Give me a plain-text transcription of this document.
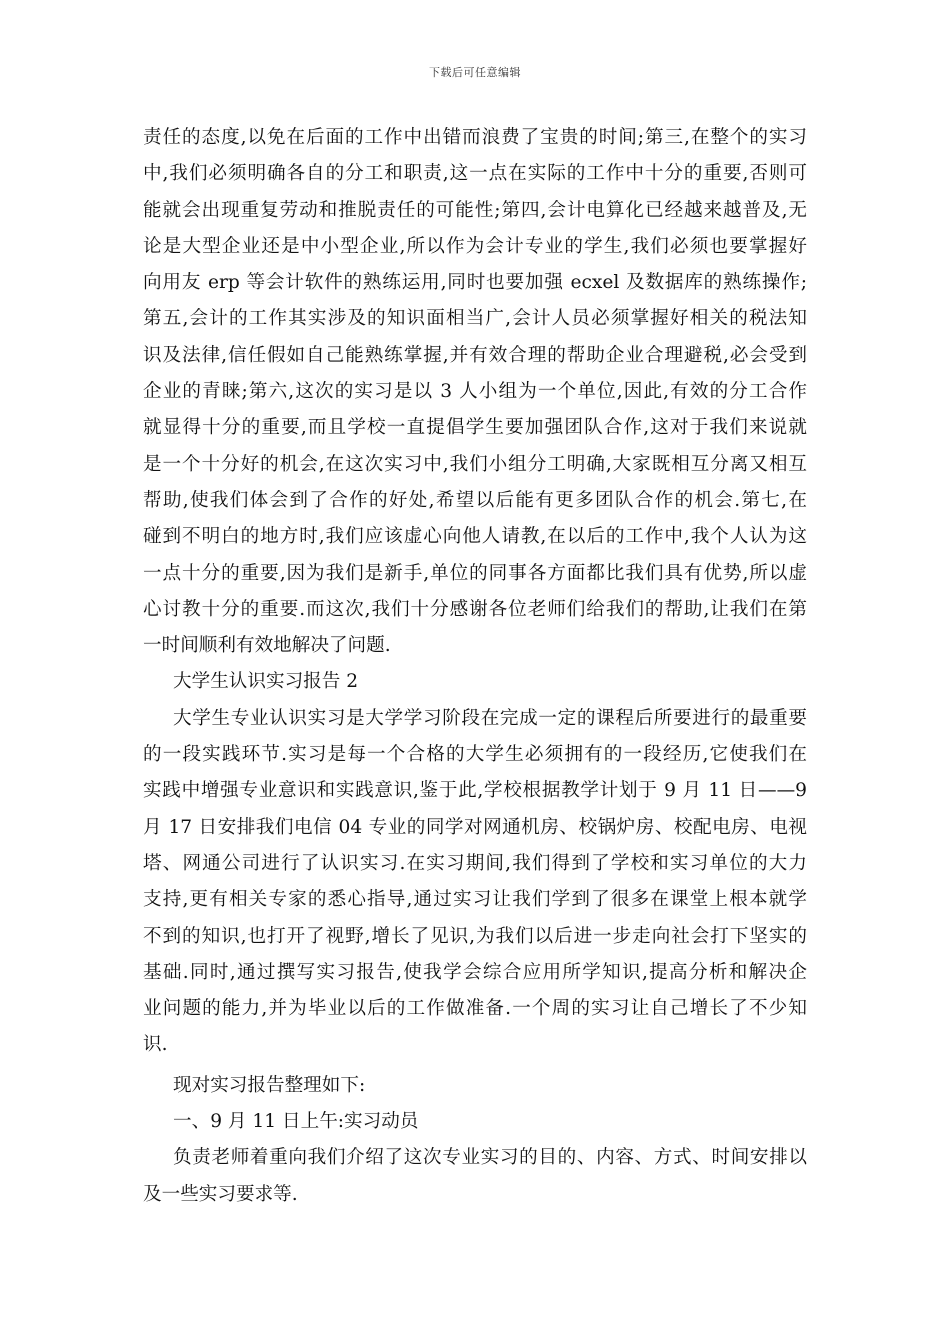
下载后可任意编辑
责任的态度,以免在后面的工作中出错而浪费了宝贵的时间;第三,在整个的实习
中,我们必须明确各自的分工和职责,这一点在实际的工作中十分的重要,否则可
能就会出现重复劳动和推脱责任的可能性;第四,会计电算化已经越来越普及,无
论是大型企业还是中小型企业,所以作为会计专业的学生,我们必须也要掌握好
向用友 erp 等会计软件的熟练运用,同时也要加强 ecxel 及数据库的熟练操作;
第五,会计的工作其实涉及的知识面相当广,会计人员必须掌握好相关的税法知
识及法律,信任假如自己能熟练掌握,并有效合理的帮助企业合理避税,必会受到
企业的青睐;第六,这次的实习是以 3 人小组为一个单位,因此,有效的分工合作
就显得十分的重要,而且学校一直提倡学生要加强团队合作,这对于我们来说就
是一个十分好的机会,在这次实习中,我们小组分工明确,大家既相互分离又相互
帮助,使我们体会到了合作的好处,希望以后能有更多团队合作的机会.第七,在
碰到不明白的地方时,我们应该虚心向他人请教,在以后的工作中,我个人认为这
一点十分的重要,因为我们是新手,单位的同事各方面都比我们具有优势,所以虚
心讨教十分的重要.而这次,我们十分感谢各位老师们给我们的帮助,让我们在第
一时间顺利有效地解决了问题.
大学生认识实习报告 2
大学生专业认识实习是大学学习阶段在完成一定的课程后所要进行的最重要
的一段实践环节.实习是每一个合格的大学生必须拥有的一段经历,它使我们在
实践中增强专业意识和实践意识,鉴于此,学校根据教学计划于 9 月 11 日——9
月 17 日安排我们电信 04 专业的同学对网通机房、校锅炉房、校配电房、电视
塔、网通公司进行了认识实习.在实习期间,我们得到了学校和实习单位的大力
支持,更有相关专家的悉心指导,通过实习让我们学到了很多在课堂上根本就学
不到的知识,也打开了视野,增长了见识,为我们以后进一步走向社会打下坚实的
基础.同时,通过撰写实习报告,使我学会综合应用所学知识,提高分析和解决企
业问题的能力,并为毕业以后的工作做准备.一个周的实习让自己增长了不少知
识.
现对实习报告整理如下:
一、9 月 11 日上午:实习动员
负责老师着重向我们介绍了这次专业实习的目的、内容、方式、时间安排以
及一些实习要求等.
